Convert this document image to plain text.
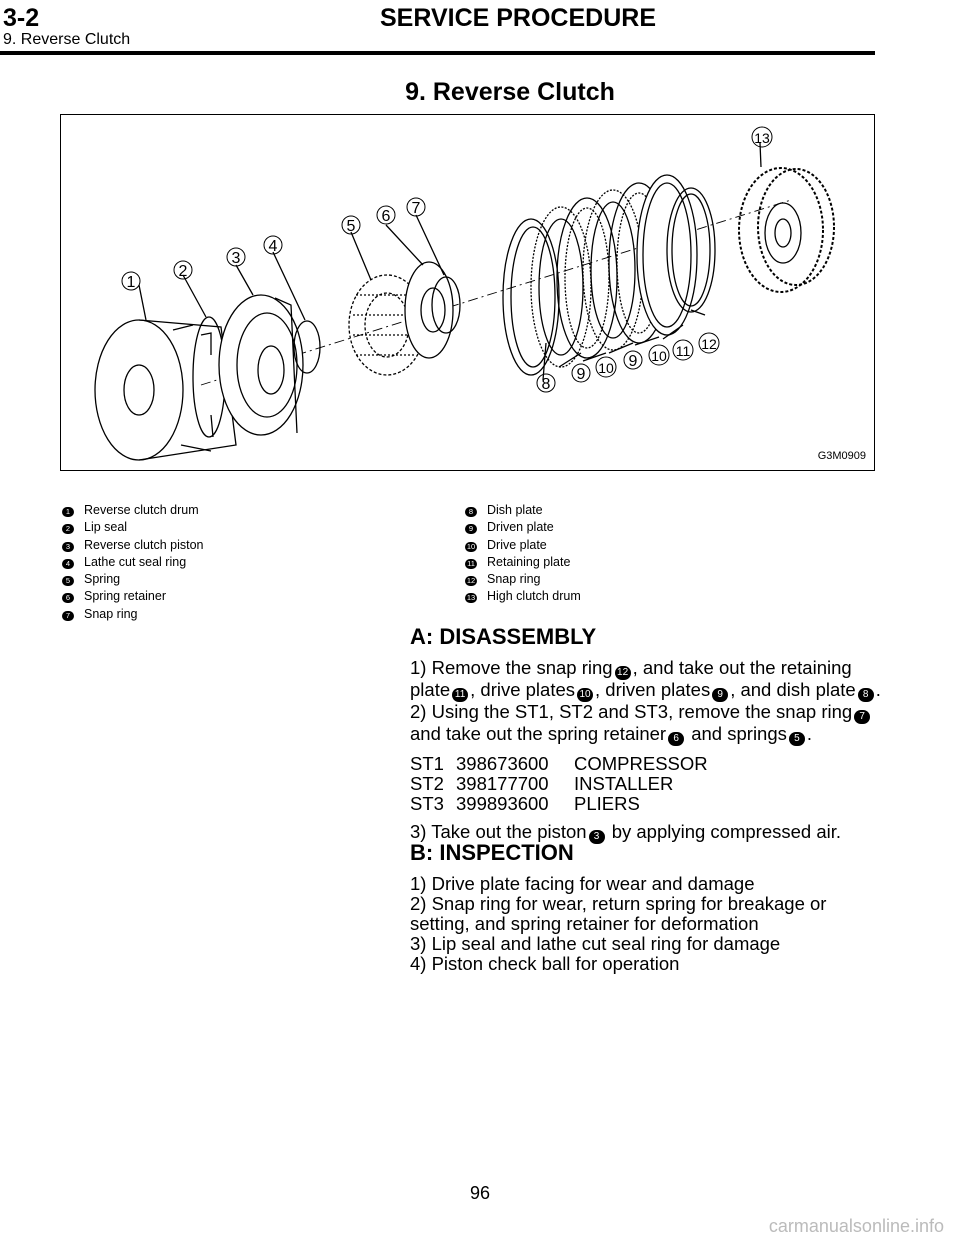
3-2	SERVICE PROCEDURE
9. Reverse Clutch
9. Reverse Clutch
1
2
3
4
5
6 7
13
8
9 10 9 10 11 12
G3M0909
1 Reverse clutch drum
2 Lip seal
3 Reverse clutch piston
4 Lathe cut seal ring
5 Spring
6 Spring retainer
7 Snap ring
8 Dish plate
9 Driven plate
10 Drive plate
11 Retaining plate
12 Snap ring
13 High clutch drum
A: DISASSEMBLY

1) Remove the snap ring 12 , and take out the retaining plate 11 , drive plates 10 , driven plates 9 , and dish plate 8 .

2) Using the ST1, ST2 and ST3, remove the snap ring 7 and take out the spring retainer 6 and springs 5 .

ST1 398673600 COMPRESSOR
ST2 398177700 INSTALLER
ST3 399893600 PLIERS

3) Take out the piston 3 by applying compressed air.

B: INSPECTION

1) Drive plate facing for wear and damage

2) Snap ring for wear, return spring for breakage or setting, and spring retainer for deformation

3) Lip seal and lathe cut seal ring for damage

4) Piston check ball for operation

96
carmanualsonline.info
